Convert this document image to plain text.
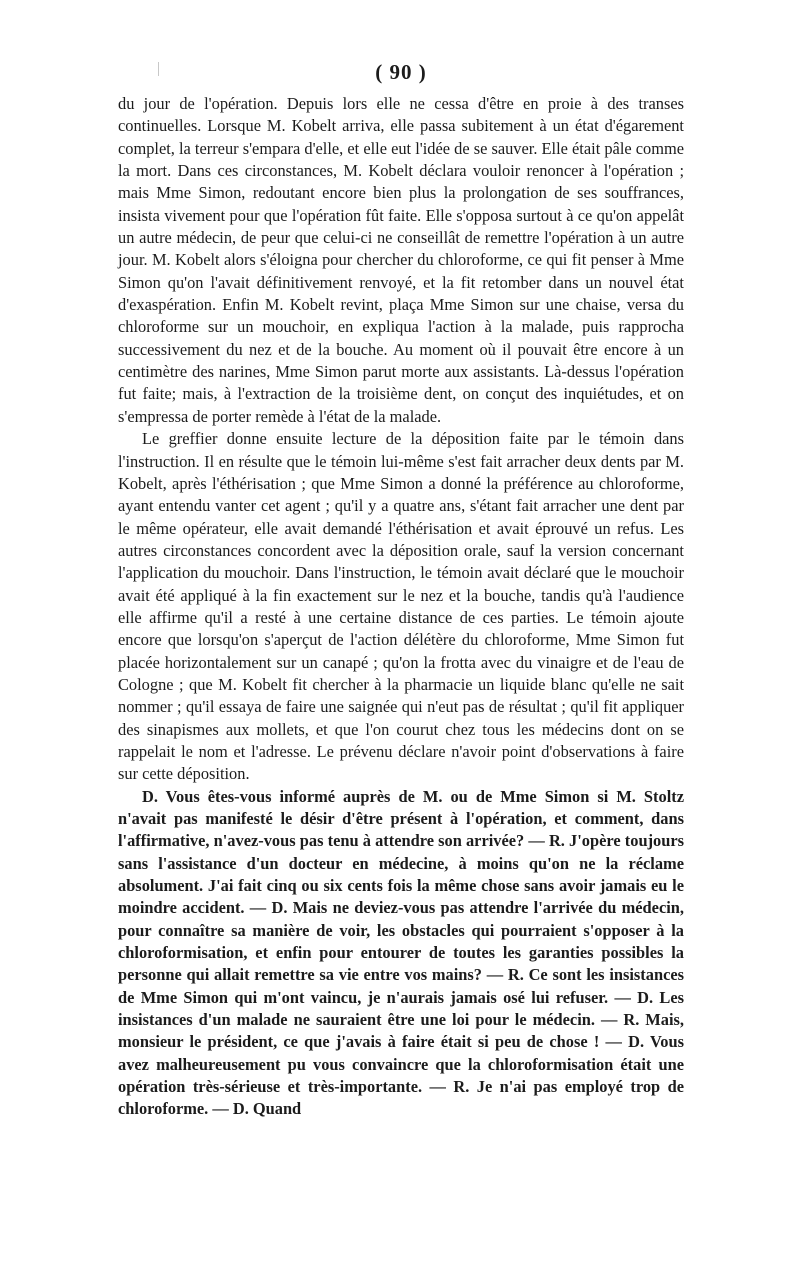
( 90 )

du jour de l'opération. Depuis lors elle ne cessa d'être en proie à des transes continuelles. Lorsque M. Kobelt arriva, elle passa subitement à un état d'égarement complet, la terreur s'empara d'elle, et elle eut l'idée de se sauver. Elle était pâle comme la mort. Dans ces circonstances, M. Kobelt déclara vouloir renoncer à l'opération ; mais Mme Simon, redoutant encore bien plus la prolongation de ses souffrances, insista vivement pour que l'opération fût faite. Elle s'opposa surtout à ce qu'on appelât un autre médecin, de peur que celui-ci ne conseillât de remettre l'opération à un autre jour. M. Kobelt alors s'éloigna pour chercher du chloroforme, ce qui fit penser à Mme Simon qu'on l'avait définitivement renvoyé, et la fit retomber dans un nouvel état d'exaspération. Enfin M. Kobelt revint, plaça Mme Simon sur une chaise, versa du chloroforme sur un mouchoir, en expliqua l'action à la malade, puis rapprocha successivement du nez et de la bouche. Au moment où il pouvait être encore à un centimètre des narines, Mme Simon parut morte aux assistants. Là-dessus l'opération fut faite; mais, à l'extraction de la troisième dent, on conçut des inquiétudes, et on s'empressa de porter remède à l'état de la malade.

Le greffier donne ensuite lecture de la déposition faite par le témoin dans l'instruction. Il en résulte que le témoin lui-même s'est fait arracher deux dents par M. Kobelt, après l'éthérisation ; que Mme Simon a donné la préférence au chloroforme, ayant entendu vanter cet agent ; qu'il y a quatre ans, s'étant fait arracher une dent par le même opérateur, elle avait demandé l'éthérisation et avait éprouvé un refus. Les autres circonstances concordent avec la déposition orale, sauf la version concernant l'application du mouchoir. Dans l'instruction, le témoin avait déclaré que le mouchoir avait été appliqué à la fin exactement sur le nez et la bouche, tandis qu'à l'audience elle affirme qu'il a resté à une certaine distance de ces parties. Le témoin ajoute encore que lorsqu'on s'aperçut de l'action délétère du chloroforme, Mme Simon fut placée horizontalement sur un canapé ; qu'on la frotta avec du vinaigre et de l'eau de Cologne ; que M. Kobelt fit chercher à la pharmacie un liquide blanc qu'elle ne sait nommer ; qu'il essaya de faire une saignée qui n'eut pas de résultat ; qu'il fit appliquer des sinapismes aux mollets, et que l'on courut chez tous les médecins dont on se rappelait le nom et l'adresse. Le prévenu déclare n'avoir point d'observations à faire sur cette déposition.

D. Vous êtes-vous informé auprès de M. ou de Mme Simon si M. Stoltz n'avait pas manifesté le désir d'être présent à l'opération, et comment, dans l'affirmative, n'avez-vous pas tenu à attendre son arrivée? — R. J'opère toujours sans l'assistance d'un docteur en médecine, à moins qu'on ne la réclame absolument. J'ai fait cinq ou six cents fois la même chose sans avoir jamais eu le moindre accident. — D. Mais ne deviez-vous pas attendre l'arrivée du médecin, pour connaître sa manière de voir, les obstacles qui pourraient s'opposer à la chloroformisation, et enfin pour entourer de toutes les garanties possibles la personne qui allait remettre sa vie entre vos mains? — R. Ce sont les insistances de Mme Simon qui m'ont vaincu, je n'aurais jamais osé lui refuser. — D. Les insistances d'un malade ne sauraient être une loi pour le médecin. — R. Mais, monsieur le président, ce que j'avais à faire était si peu de chose ! — D. Vous avez malheureusement pu vous convaincre que la chloroformisation était une opération très-sérieuse et très-importante. — R. Je n'ai pas employé trop de chloroforme. — D. Quand
